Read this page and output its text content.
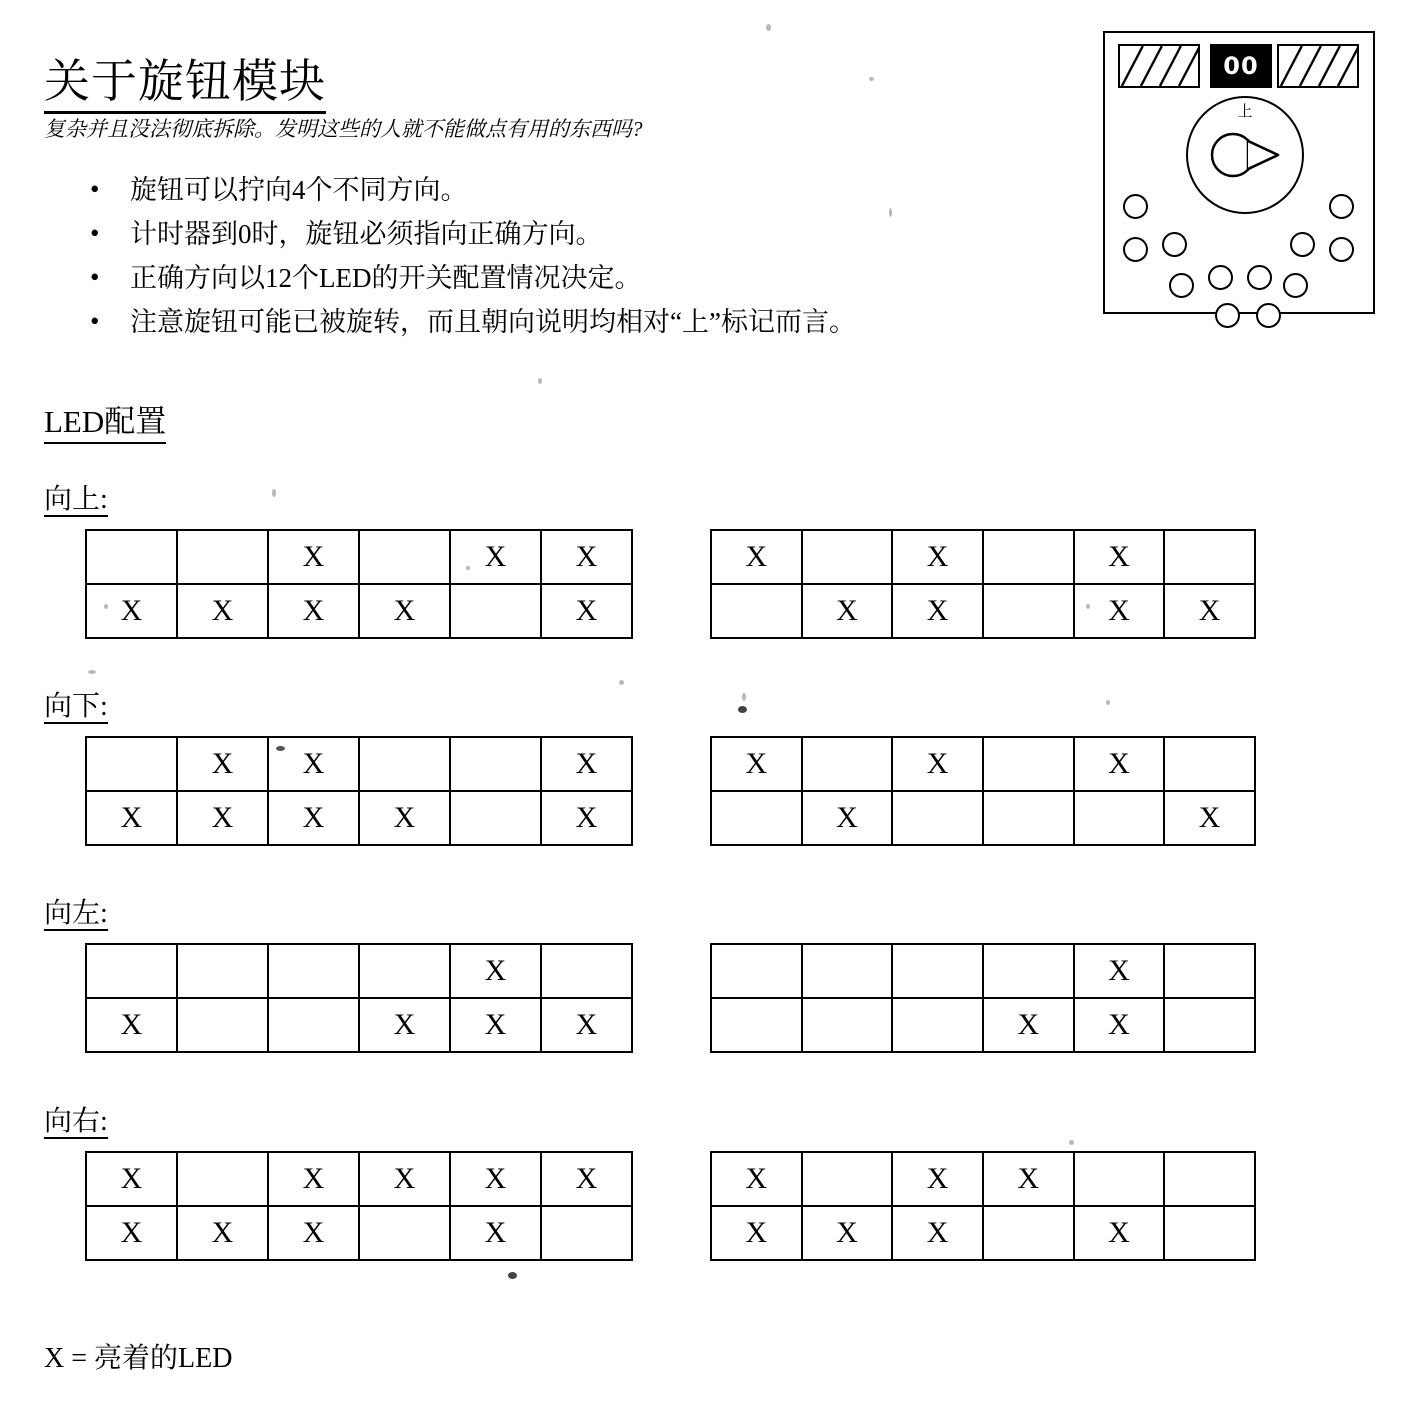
关于旋钮模块
复杂并且没法彻底拆除。发明这些的人就不能做点有用的东西吗?
• 旋钮可以拧向4个不同方向。
• 计时器到0时，旋钮必须指向正确方向。
• 正确方向以12个LED的开关配置情况决定。
• 注意旋钮可能已被旋转，而且朝向说明均相对“上”标记而言。
00
上
LED配置
向上:
		X		X	X
X	X	X	X		X
X		X		X	
	X	X		X	X
向下:
	X	X			X
X	X	X	X		X
X		X		X	
	X				X
向左:
				X	
X			X	X	X
				X	
			X	X	
向右:
X		X	X	X	X
X	X	X		X	
X		X	X		
X	X	X		X	
X = 亮着的LED
